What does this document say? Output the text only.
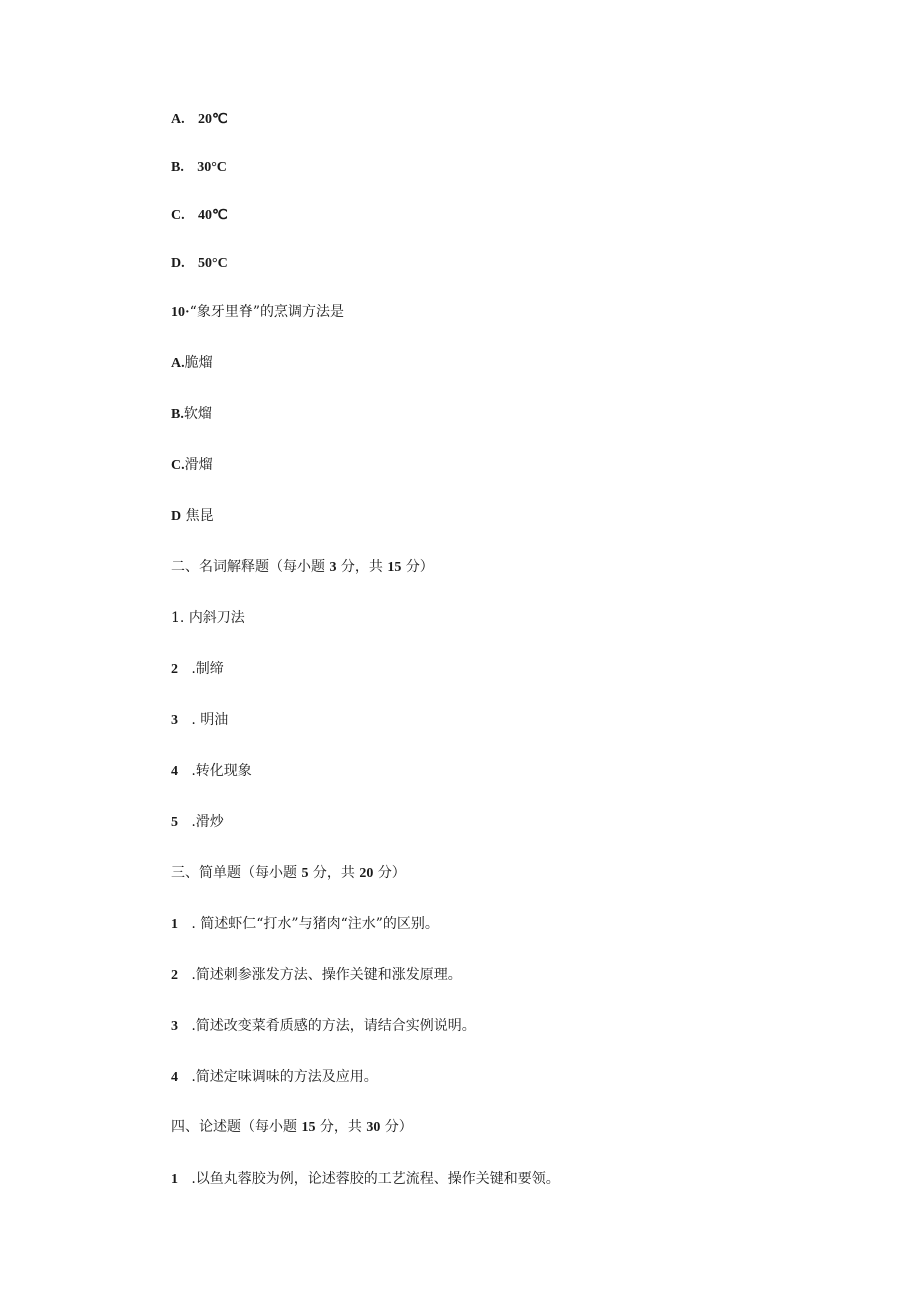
A. 20℃
B. 30°C
C. 40℃
D. 50°C
10·“象牙里脊”的烹调方法是
A.脆熘
B.软熘
C.滑熘
D 焦昆
二、名词解释题（每小题 3 分，共 15 分）
1. 内斜刀法
2 .制缔
3 . 明油
4 .转化现象
5 .滑炒
三、简单题（每小题 5 分，共 20 分）
1 . 简述虾仁“打水”与猪肉“注水”的区别。
2 .简述刺参涨发方法、操作关键和涨发原理。
3 .简述改变菜肴质感的方法，请结合实例说明。
4 .简述定味调味的方法及应用。
四、论述题（每小题 15 分，共 30 分）
1 .以鱼丸蓉胶为例，论述蓉胶的工艺流程、操作关键和要领。
